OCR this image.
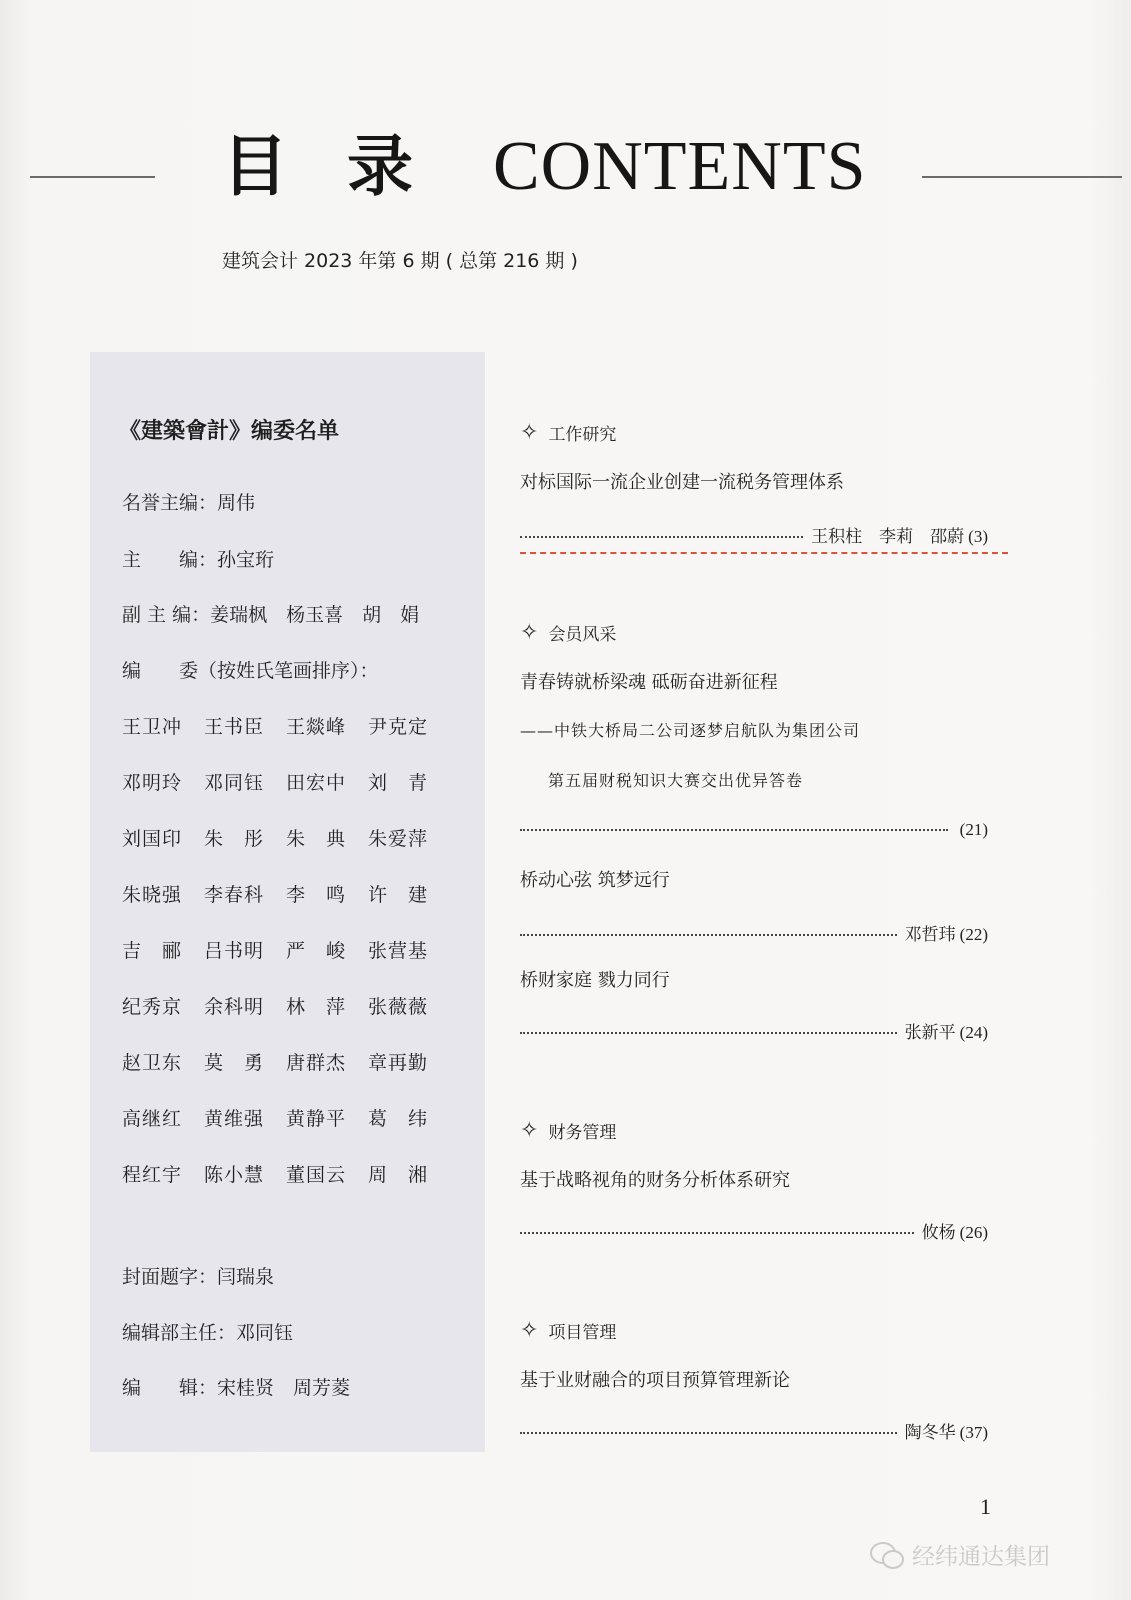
目 录 CONTENTS
建筑会计 2023 年第 6 期 ( 总第 216 期 )
《建築會計》编委名单
名誉主编：周伟
主　　编：孙宝珩
副 主 编：姜瑞枫　杨玉喜　胡　娟
编　　委（按姓氏笔画排序）：
王卫冲	王书臣	王燚峰	尹克定
邓明玲	邓同钰	田宏中	刘　青
刘国印	朱　彤	朱　典	朱爱萍
朱晓强	李春科	李　鸣	许　建
吉　郦	吕书明	严　峻	张营基
纪秀京	余科明	林　萍	张薇薇
赵卫东	莫　勇	唐群杰	章再勤
高继红	黄维强	黄静平	葛　纬
程红宇	陈小慧	董国云	周　湘
封面题字：闫瑞泉
编辑部主任：邓同钰
编　　辑：宋桂贤　周芳菱
✧ 工作研究
对标国际一流企业创建一流税务管理体系
王积柱　李莉　邵蔚 (3)
✧ 会员风采
青春铸就桥梁魂 砥砺奋进新征程
——中铁大桥局二公司逐梦启航队为集团公司
第五届财税知识大赛交出优异答卷
(21)
桥动心弦 筑梦远行
邓哲玮 (22)
桥财家庭 戮力同行
张新平 (24)
✧ 财务管理
基于战略视角的财务分析体系研究
攸杨 (26)
✧ 项目管理
基于业财融合的项目预算管理新论
陶冬华 (37)
1
经纬通达集团
